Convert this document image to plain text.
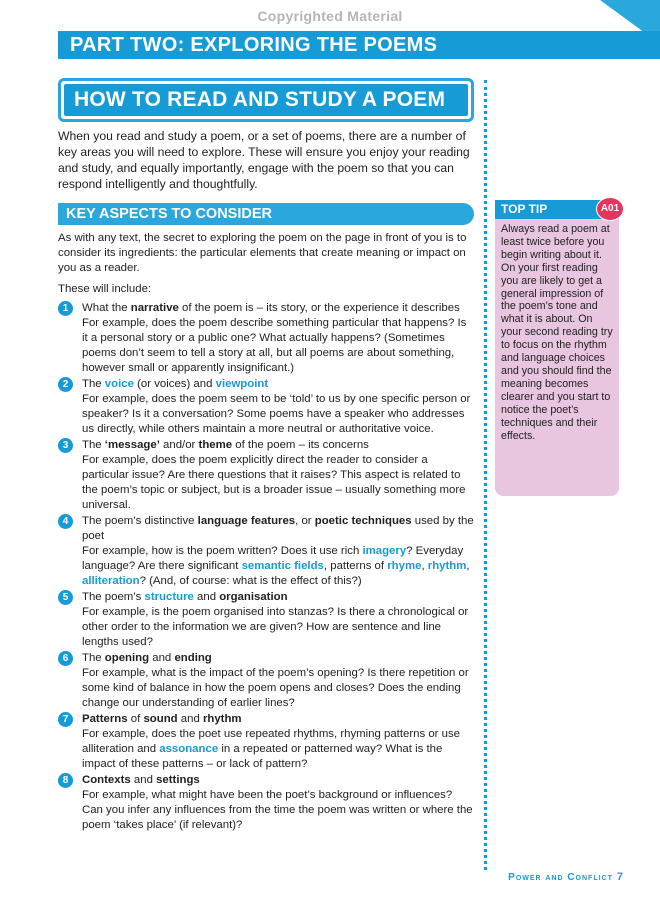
Copyrighted Material
PART TWO: EXPLORING THE POEMS
HOW TO READ AND STUDY A POEM
When you read and study a poem, or a set of poems, there are a number of key areas you will need to explore. These will ensure you enjoy your reading and study, and equally importantly, engage with the poem so that you can respond intelligently and thoughtfully.
KEY ASPECTS TO CONSIDER
As with any text, the secret to exploring the poem on the page in front of you is to consider its ingredients: the particular elements that create meaning or impact on you as a reader.
These will include:
1	What the narrative of the poem is – its story, or the experience it describes
For example, does the poem describe something particular that happens? Is it a personal story or a public one? What actually happens? (Sometimes poems don’t seem to tell a story at all, but all poems are about something, however small or apparently insignificant.)
2	The voice (or voices) and viewpoint
For example, does the poem seem to be ‘told’ to us by one specific person or speaker? Is it a conversation? Some poems have a speaker who addresses us directly, while others maintain a more neutral or authoritative voice.
3	The ‘message’ and/or theme of the poem – its concerns
For example, does the poem explicitly direct the reader to consider a particular issue? Are there questions that it raises? This aspect is related to the poem’s topic or subject, but is a broader issue – usually something more universal.
4	The poem’s distinctive language features, or poetic techniques used by the poet
For example, how is the poem written? Does it use rich imagery? Everyday language? Are there significant semantic fields, patterns of rhyme, rhythm, alliteration? (And, of course: what is the effect of this?)
5	The poem’s structure and organisation
For example, is the poem organised into stanzas? Is there a chronological or other order to the information we are given? How are sentence and line lengths used?
6	The opening and ending
For example, what is the impact of the poem’s opening? Is there repetition or some kind of balance in how the poem opens and closes? Does the ending change our understanding of earlier lines?
7	Patterns of sound and rhythm
For example, does the poet use repeated rhythms, rhyming patterns or use alliteration and assonance in a repeated or patterned way? What is the impact of these patterns – or lack of pattern?
8	Contexts and settings
For example, what might have been the poet’s background or influences? Can you infer any influences from the time the poem was written or where the poem ‘takes place’ (if relevant)?
TOP TIP	A01
Always read a poem at least twice before you begin writing about it. On your first reading you are likely to get a general impression of the poem’s tone and what it is about. On your second reading try to focus on the rhythm and language choices and you should find the meaning becomes clearer and you start to notice the poet’s techniques and their effects.
Power and Conflict 7
